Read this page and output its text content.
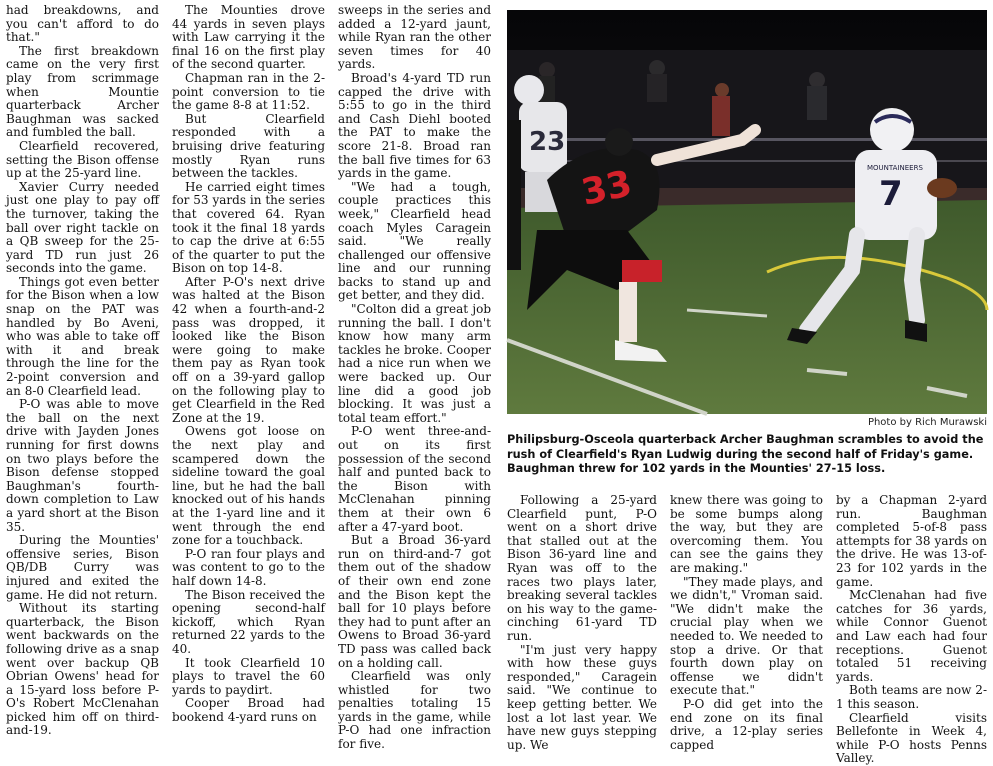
had breakdowns, and you can't afford to do that."

The first breakdown came on the very first play from scrimmage when Mountie quarterback Archer Baughman was sacked and fumbled the ball.

Clearfield recovered, setting the Bison offense up at the 25-yard line.

Xavier Curry needed just one play to pay off the turnover, taking the ball over right tackle on a QB sweep for the 25-yard TD run just 26 seconds into the game.

Things got even better for the Bison when a low snap on the PAT was handled by Bo Aveni, who was able to take off with it and break through the line for the 2-point conversion and an 8-0 Clearfield lead.

P-O was able to move the ball on the next drive with Jayden Jones running for first downs on two plays before the Bison defense stopped Baughman's fourth-down completion to Law a yard short at the Bison 35.

During the Mounties' offensive series, Bison QB/DB Curry was injured and exited the game. He did not return.

Without its starting quarterback, the Bison went backwards on the following drive as a snap went over backup QB Obrian Owens' head for a 15-yard loss before P-O's Robert McClenahan picked him off on third-and-19.

The Mounties drove 44 yards in seven plays with Law carrying it the final 16 on the first play of the second quarter.

Chapman ran in the 2-point conversion to tie the game 8-8 at 11:52.

But Clearfield responded with a bruising drive featuring mostly Ryan runs between the tackles.

He carried eight times for 53 yards in the series that covered 64. Ryan took it the final 18 yards to cap the drive at 6:55 of the quarter to put the Bison on top 14-8.

After P-O's next drive was halted at the Bison 42 when a fourth-and-2 pass was dropped, it looked like the Bison were going to make them pay as Ryan took off on a 39-yard gallop on the following play to get Clearfield in the Red Zone at the 19.

Owens got loose on the next play and scampered down the sideline toward the goal line, but he had the ball knocked out of his hands at the 1-yard line and it went through the end zone for a touchback.

P-O ran four plays and was content to go to the half down 14-8.

The Bison received the opening second-half kickoff, which Ryan returned 22 yards to the 40.

It took Clearfield 10 plays to travel the 60 yards to paydirt.

Cooper Broad had bookend 4-yard runs on

sweeps in the series and added a 12-yard jaunt, while Ryan ran the other seven times for 40 yards.

Broad's 4-yard TD run capped the drive with 5:55 to go in the third and Cash Diehl booted the PAT to make the score 21-8. Broad ran the ball five times for 63 yards in the game.

"We had a tough, couple practices this week," Clearfield head coach Myles Caragein said. "We really challenged our offensive line and our running backs to stand up and get better, and they did.

"Colton did a great job running the ball. I don't know how many arm tackles he broke. Cooper had a nice run when we were backed up. Our line did a good job blocking. It was just a total team effort."

P-O went three-and-out on its first possession of the second half and punted back to the Bison with McClenahan pinning them at their own 6 after a 47-yard boot.

But a Broad 36-yard run on third-and-7 got them out of the shadow of their own end zone and the Bison kept the ball for 10 plays before they had to punt after an Owens to Broad 36-yard TD pass was called back on a holding call.

Clearfield was only whistled for two penalties totaling 15 yards in the game, while P-O had one infraction for five.

23
33	7
MOUNTAINEERS
Photo by Rich Murawski
Philipsburg-Osceola quarterback Archer Baughman scrambles to avoid the rush of Clearfield's Ryan Ludwig during the second half of Friday's game. Baughman threw for 102 yards in the Mounties' 27-15 loss.

Following a 25-yard Clearfield punt, P-O went on a short drive that stalled out at the Bison 36-yard line and Ryan was off to the races two plays later, breaking several tackles on his way to the game-cinching 61-yard TD run.

"I'm just very happy with how these guys responded," Caragein said. "We continue to keep getting better. We lost a lot last year. We have new guys stepping up. We

knew there was going to be some bumps along the way, but they are overcoming them. You can see the gains they are making."

"They made plays, and we didn't," Vroman said. "We didn't make the crucial play when we needed to. We needed to stop a drive. Or that fourth down play on offense we didn't execute that."

P-O did get into the end zone on its final drive, a 12-play series capped

by a Chapman 2-yard run. Baughman completed 5-of-8 pass attempts for 38 yards on the drive. He was 13-of-23 for 102 yards in the game.

McClenahan had five catches for 36 yards, while Connor Guenot and Law each had four receptions. Guenot totaled 51 receiving yards.

Both teams are now 2-1 this season.

Clearfield visits Bellefonte in Week 4, while P-O hosts Penns Valley.
